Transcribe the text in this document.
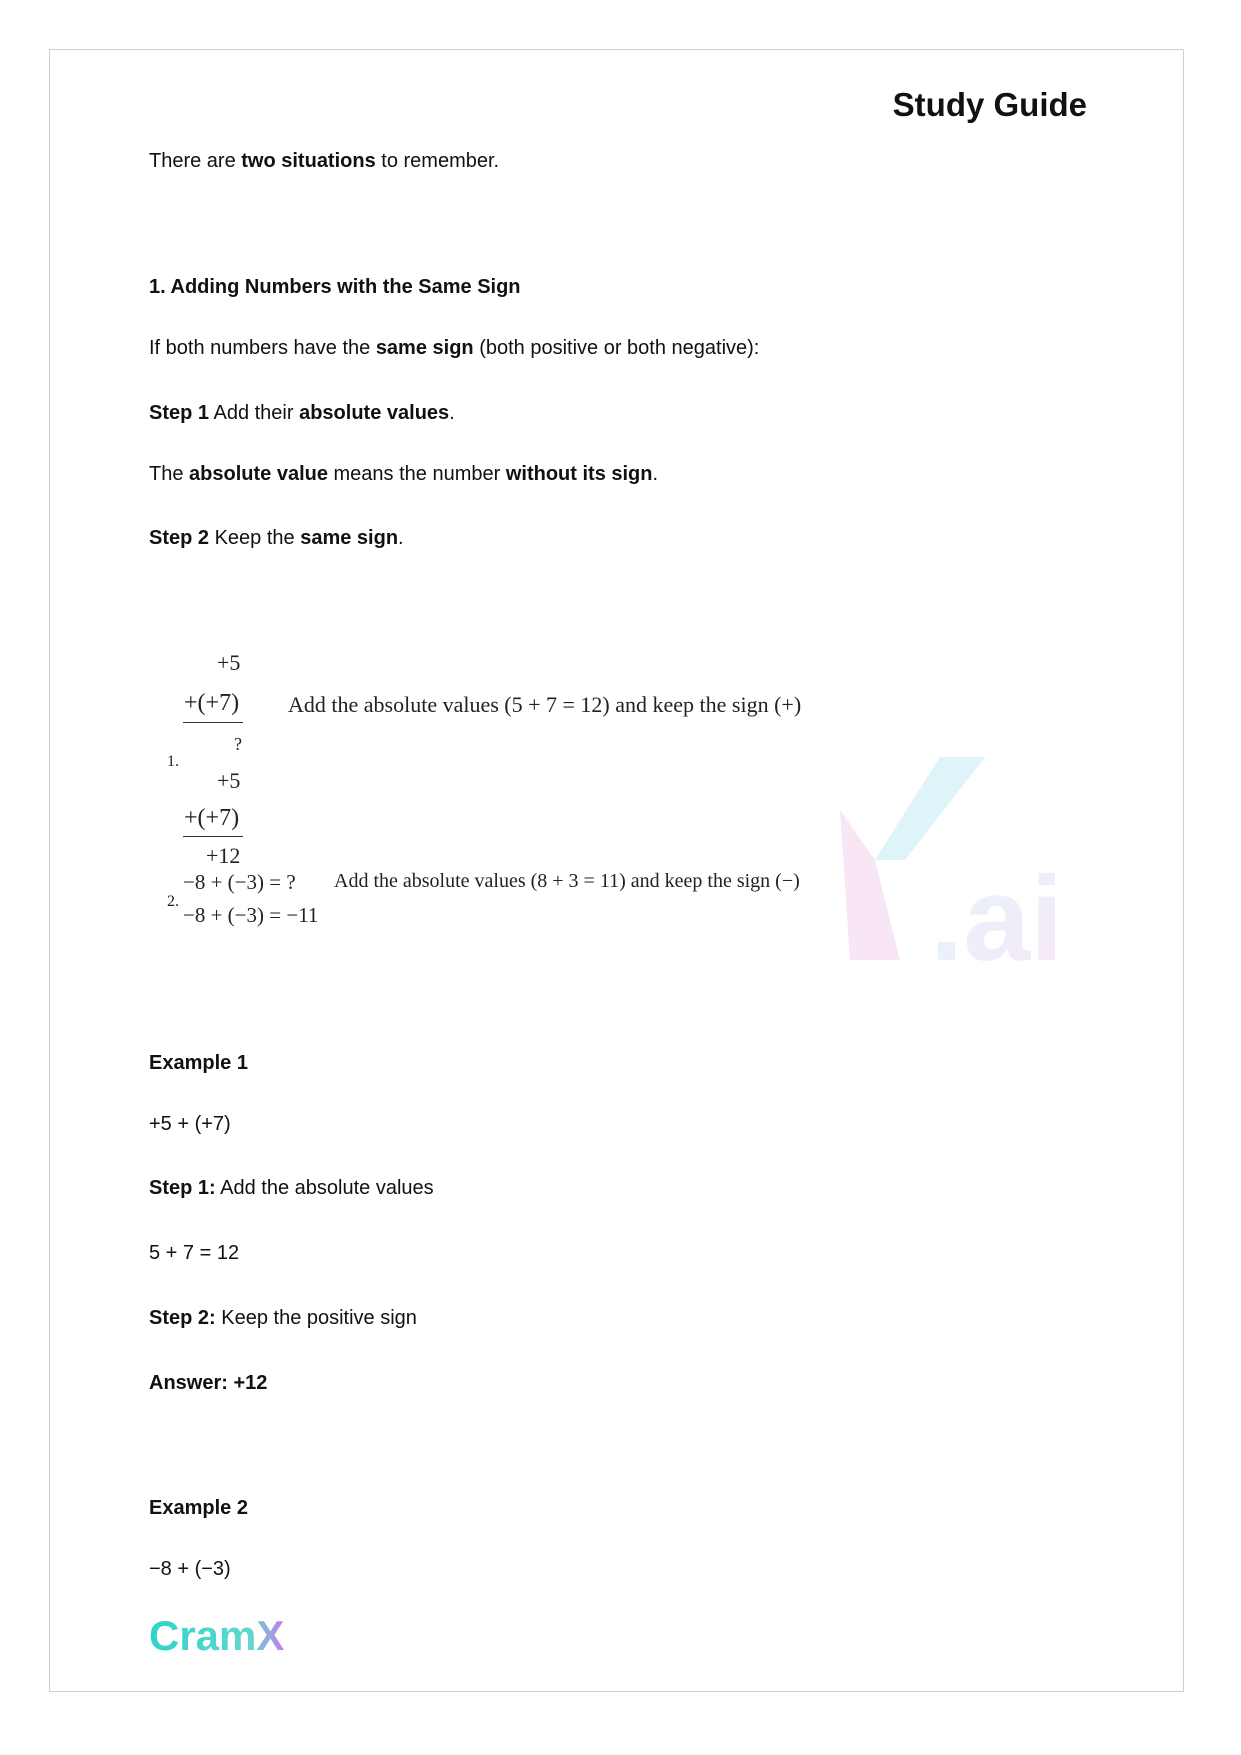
Study Guide
There are two situations to remember.
1. Adding Numbers with the Same Sign
If both numbers have the same sign (both positive or both negative):
Step 1 Add their absolute values.
The absolute value means the number without its sign.
Step 2 Keep the same sign.
.ai
+5
+(+7)
?
1.
+5
+(+7)
+12
Add the absolute values (5 + 7 = 12) and keep the sign (+)
−8 + (−3) = ?
2.
−8 + (−3) = −11
Add the absolute values (8 + 3 = 11) and keep the sign (−)
Example 1
+5 + (+7)
Step 1: Add the absolute values
5 + 7 = 12
Step 2: Keep the positive sign
Answer: +12
Example 2
−8 + (−3)
CramX
